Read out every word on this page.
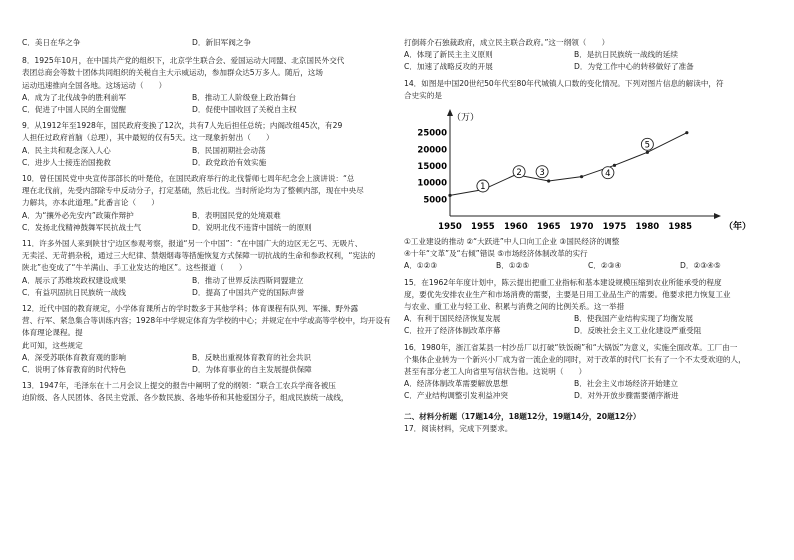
C．美日在华之争	D．新旧军阀之争

8．1925年10月，在中国共产党的组织下，北京学生联合会、爱国运动大同盟、北京国民外交代

表团总商会等数十团体共同组织的关税自主大示威运动，参加群众达5万多人。随后，这场

运动迅速推向全国各地。这场运动（　　）

A．成为了北伐战争的胜利前军	B．推动工人阶级登上政治舞台
C．促进了中国人民的全面觉醒	D．促使中国收回了关税自主权

9．从1912年至1928年，国民政府变换了12次，共有7人先后担任总统；内阁改组45次，有29

人担任过政府首脑（总理），其中最短的仅有5天。这一现象折射出（　　）

A．民主共和观念深入人心	B．民国初期社会动荡
C．进步人士接连治国挽救	D．政党政治有效实施

10．曾任国民党中央宣传部部长的叶楚伧，在国民政府举行的北伐誓师七周年纪念会上演讲说：“总

理在北伐前，先受内部除专中反动分子，打定基础，然后北伐。当时所论均为了整顿内部，现在中央尽

力解共，亦本此道理。”此番言论（　　）

A．为“攘外必先安内”政策作辩护	B．表明国民党的处境艰难
C．发扬北伐精神鼓舞军民抗战士气	D．说明北伐不违背中国统一的原则

11．许多外国人来到陕甘宁边区参观考察，报道“另一个中国”：“在中国广大的边区无乞丐、无吸片、

无卖淫、无苛捐杂税，通过三大纪律、禁烟烟毒等措施恢复方式保障一切抗战的生命和参政权利，“宪法的

陕北”也变成了“牛羊满山、手工业发达的地区”。这些报道（　　）

A．展示了苏维埃政权建设成果	B．推动了世界反法西斯同盟建立
C．有益巩固抗日民族统一战线	D．提高了中国共产党的国际声誉

12．近代中国的教育规定，小学体育课所占的学时数多于其他学科；体育课程有队列、军操、野外露

营、行军、紧急集合等训练内容；1928年中学规定体育为学校的中心；并规定在中学或高等学校中，均开设有体育理论课程。提

此可知，这些规定

A．深受苏联体育教育观的影响	B．反映出重视体育教育的社会共识
C．说明了体育教育的时代特色	D．为体育事业的自主发展提供保障

13．1947年，毛泽东在十二月会议上提交的报告中阐明了党的纲领：“联合工农兵学商各被压

迫阶级、各人民团体、各民主党派、各少数民族、各地华侨和其他爱国分子，组成民族统一战线，

打倒蒋介石独裁政府，成立民主联合政府。”这一纲领（　　）

A．体现了新民主主义原则	B．是抗日民族统一战线的延续
C．加速了战略反攻的开展	D．为党工作中心的转移做好了准备

14．如图是中国20世纪50年代至80年代城镇人口数的变化情况。下列对图片信息的解读中，符

合史实的是

（万）
5000
10000
15000
20000
25000
1950 1955 1960 1965 1970 1975 1980 1985	（年）
1
2 3	4
5

①工业建设的推动 ②“大跃进”中人口向工企业 ③国民经济的调整

④十年“文革”及“右倾”错误 ⑤市场经济体制改革的实行

A．①②③	B．①②⑤	C．②③④	D．②③④⑤

15．在1962年年度计划中，陈云提出把重工业指标和基本建设规模压缩到农业所能承受的程度

度，要优先安排农业生产和市场消费的需要，主要是日用工业品生产的需要。他要求把力恢复工业

与农业、重工业与轻工业、积累与消费之间的比例关系。这一举措

A．有利于国民经济恢复发展	B．使我国产业结构实现了均衡发展
C．拉开了经济体制改革序幕	D．反映社会主义工业化建设严重受阻

16．1980年，浙江省某县一村沙岳厂以打破“铁饭碗”和“大锅饭”为意义，实施全面改革。工厂由一

个集体企业转为一个新兴小厂成为省一流企业的同时，对于改革的时代厂长有了一个不太受欢迎的人，

甚至有部分老工人向省里写信状告他。这说明（　　）

A．经济体制改革需要解放思想	B．社会主义市场经济开始建立
C．产业结构调整引发利益冲突	D．对外开放步骤需要循序渐进

二、材料分析题（17题14分，18题12分，19题14分，20题12分）

17．阅读材料，完成下列要求。
